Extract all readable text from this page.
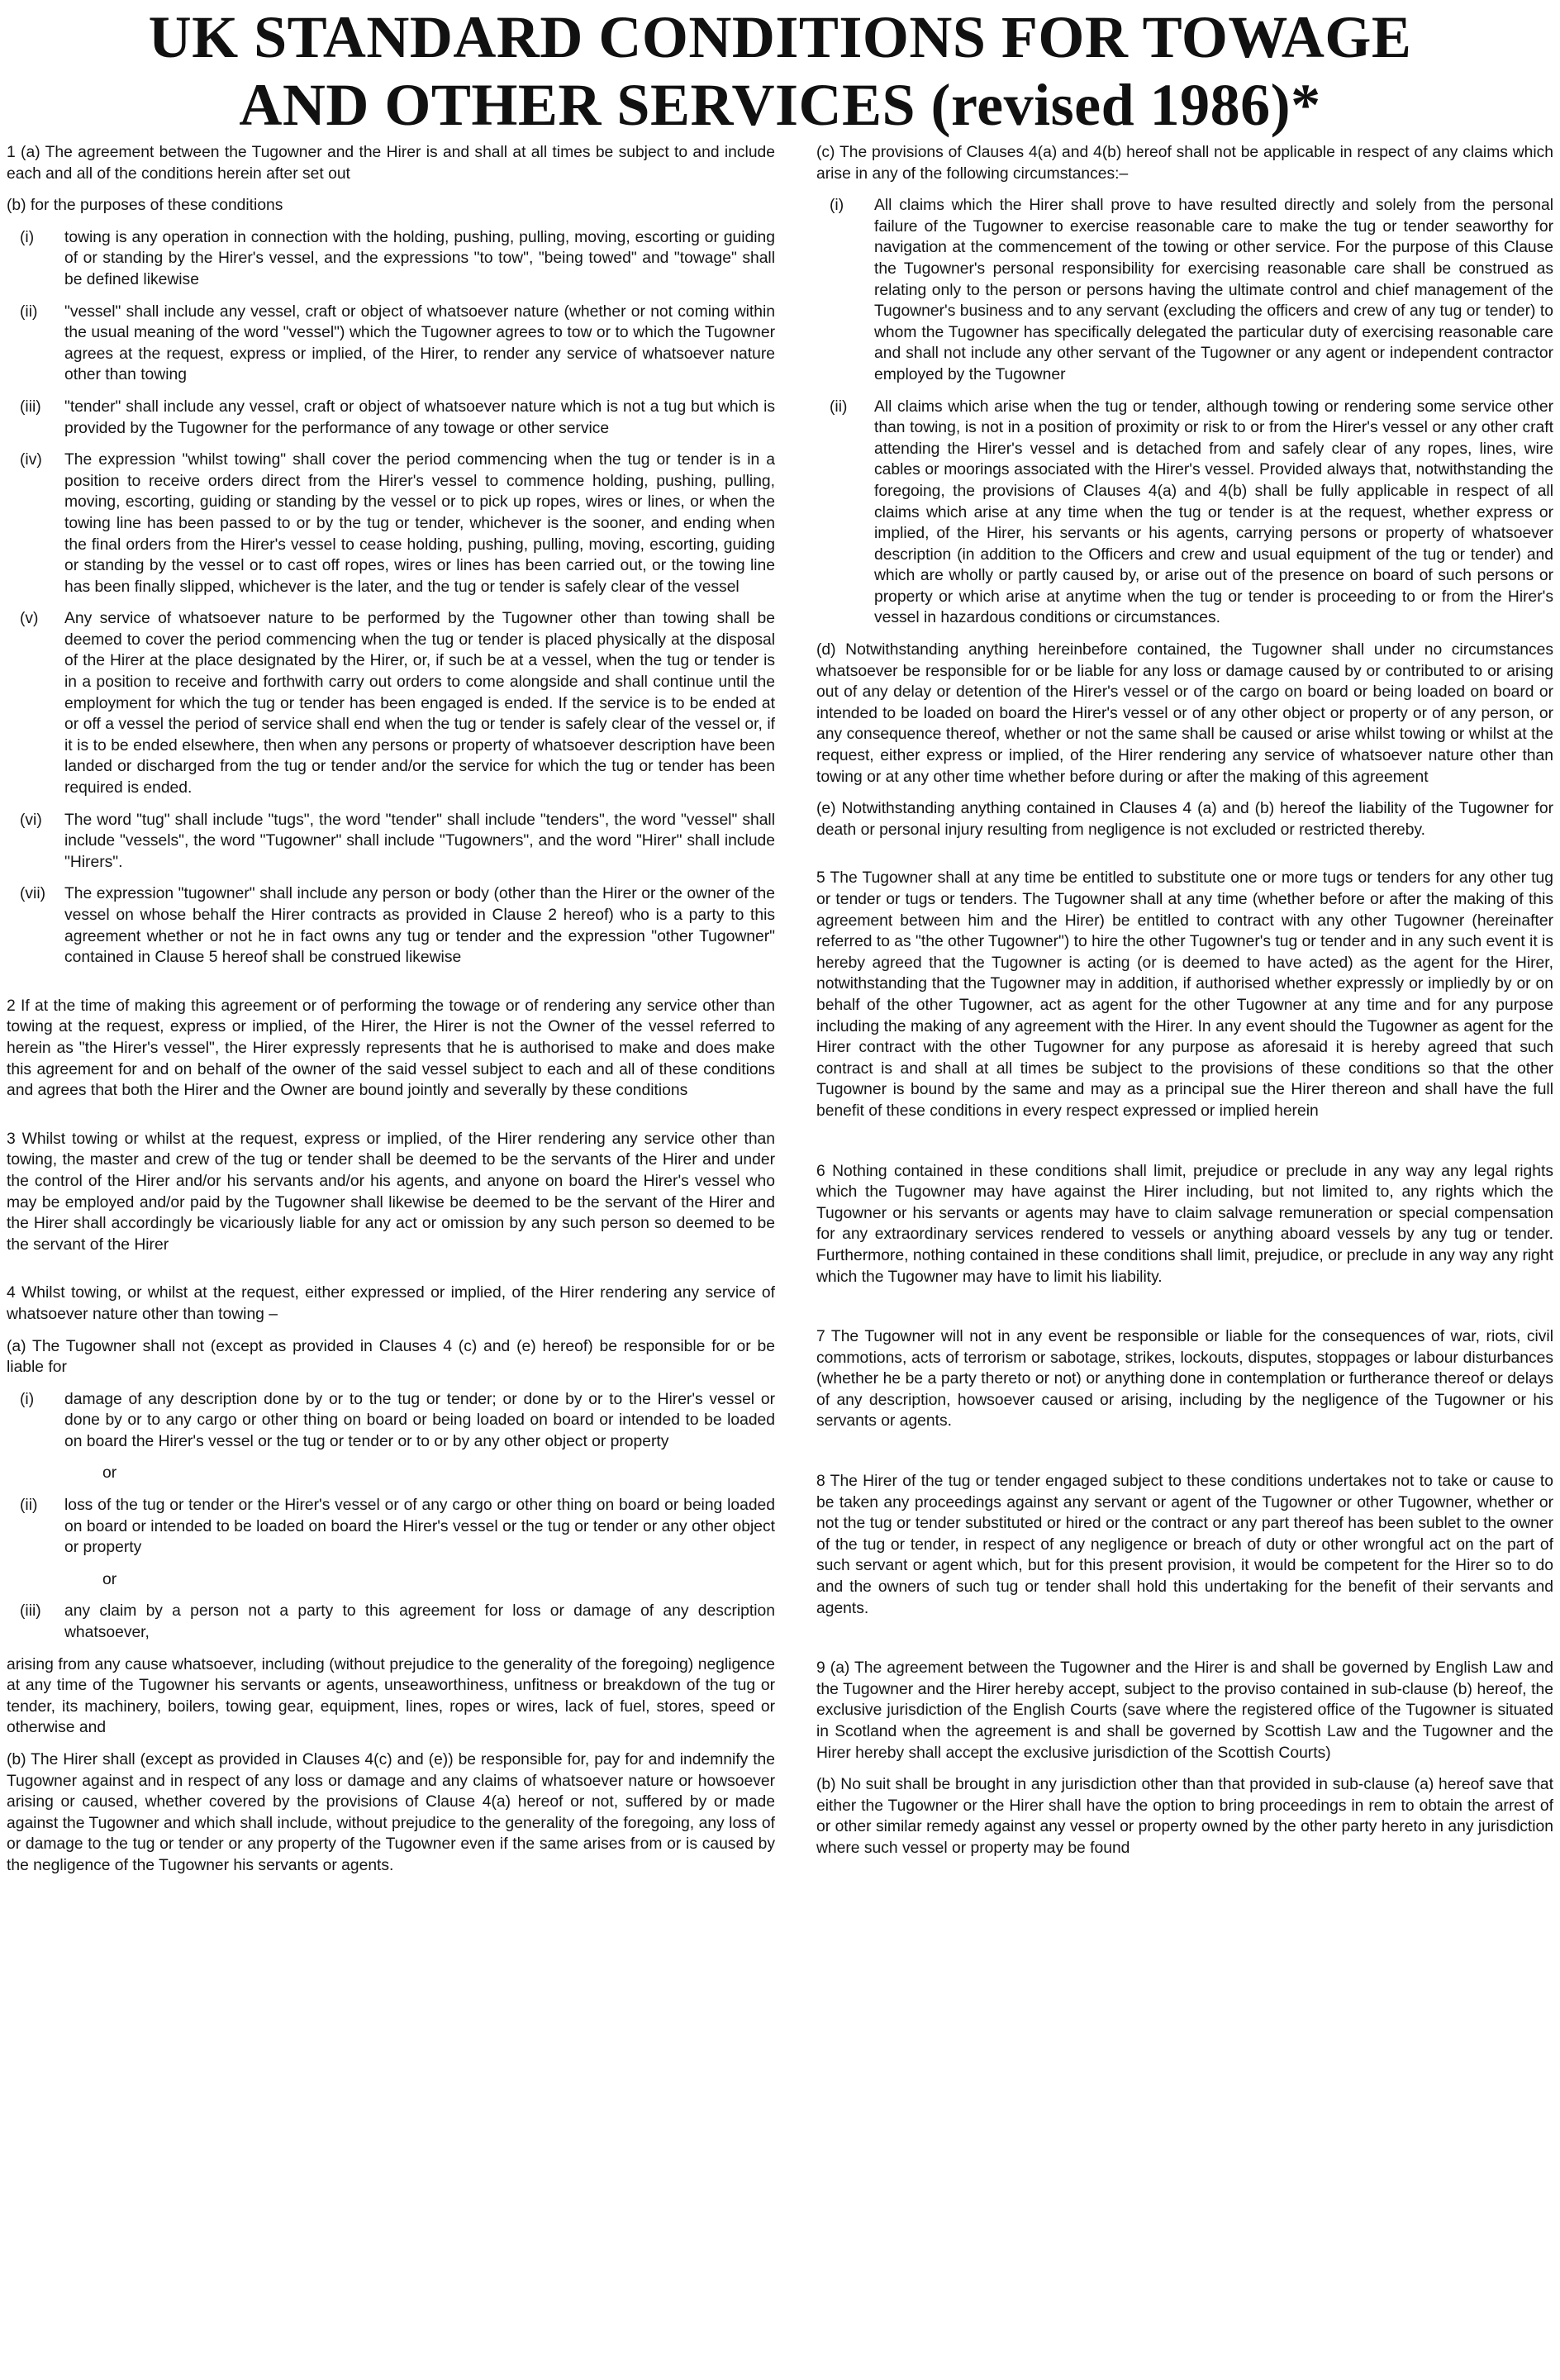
UK STANDARD CONDITIONS FOR TOWAGE
AND OTHER SERVICES (revised 1986)*

1 (a) The agreement between the Tugowner and the Hirer is and shall at all times be subject to and include each and all of the conditions herein after set out

(b) for the purposes of these conditions

(i) towing is any operation in connection with the holding, pushing, pulling, moving, escorting or guiding of or standing by the Hirer's vessel, and the expressions "to tow", "being towed" and "towage" shall be defined likewise
(ii) "vessel" shall include any vessel, craft or object of whatsoever nature (whether or not coming within the usual meaning of the word "vessel") which the Tugowner agrees to tow or to which the Tugowner agrees at the request, express or implied, of the Hirer, to render any service of whatsoever nature other than towing
(iii) "tender" shall include any vessel, craft or object of whatsoever nature which is not a tug but which is provided by the Tugowner for the performance of any towage or other service
(iv) The expression "whilst towing" shall cover the period commencing when the tug or tender is in a position to receive orders direct from the Hirer's vessel to commence holding, pushing, pulling, moving, escorting, guiding or standing by the vessel or to pick up ropes, wires or lines, or when the towing line has been passed to or by the tug or tender, whichever is the sooner, and ending when the final orders from the Hirer's vessel to cease holding, pushing, pulling, moving, escorting, guiding or standing by the vessel or to cast off ropes, wires or lines has been carried out, or the towing line has been finally slipped, whichever is the later, and the tug or tender is safely clear of the vessel
(v) Any service of whatsoever nature to be performed by the Tugowner other than towing shall be deemed to cover the period commencing when the tug or tender is placed physically at the disposal of the Hirer at the place designated by the Hirer, or, if such be at a vessel, when the tug or tender is in a position to receive and forthwith carry out orders to come alongside and shall continue until the employment for which the tug or tender has been engaged is ended. If the service is to be ended at or off a vessel the period of service shall end when the tug or tender is safely clear of the vessel or, if it is to be ended elsewhere, then when any persons or property of whatsoever description have been landed or discharged from the tug or tender and/or the service for which the tug or tender has been required is ended.
(vi) The word "tug" shall include "tugs", the word "tender" shall include "tenders", the word "vessel" shall include "vessels", the word "Tugowner" shall include "Tugowners", and the word "Hirer" shall include "Hirers".
(vii) The expression "tugowner" shall include any person or body (other than the Hirer or the owner of the vessel on whose behalf the Hirer contracts as provided in Clause 2 hereof) who is a party to this agreement whether or not he in fact owns any tug or tender and the expression "other Tugowner" contained in Clause 5 hereof shall be construed likewise

2 If at the time of making this agreement or of performing the towage or of rendering any service other than towing at the request, express or implied, of the Hirer, the Hirer is not the Owner of the vessel referred to herein as "the Hirer's vessel", the Hirer expressly represents that he is authorised to make and does make this agreement for and on behalf of the owner of the said vessel subject to each and all of these conditions and agrees that both the Hirer and the Owner are bound jointly and severally by these conditions

3 Whilst towing or whilst at the request, express or implied, of the Hirer rendering any service other than towing, the master and crew of the tug or tender shall be deemed to be the servants of the Hirer and under the control of the Hirer and/or his servants and/or his agents, and anyone on board the Hirer's vessel who may be employed and/or paid by the Tugowner shall likewise be deemed to be the servant of the Hirer and the Hirer shall accordingly be vicariously liable for any act or omission by any such person so deemed to be the servant of the Hirer

4 Whilst towing, or whilst at the request, either expressed or implied, of the Hirer rendering any service of whatsoever nature other than towing –

(a) The Tugowner shall not (except as provided in Clauses 4 (c) and (e) hereof) be responsible for or be liable for

(i) damage of any description done by or to the tug or tender; or done by or to the Hirer's vessel or done by or to any cargo or other thing on board or being loaded on board or intended to be loaded on board the Hirer's vessel or the tug or tender or to or by any other object or property
or
(ii) loss of the tug or tender or the Hirer's vessel or of any cargo or other thing on board or being loaded on board or intended to be loaded on board the Hirer's vessel or the tug or tender or any other object or property
or
(iii) any claim by a person not a party to this agreement for loss or damage of any description whatsoever,

arising from any cause whatsoever, including (without prejudice to the generality of the foregoing) negligence at any time of the Tugowner his servants or agents, unseaworthiness, unfitness or breakdown of the tug or tender, its machinery, boilers, towing gear, equipment, lines, ropes or wires, lack of fuel, stores, speed or otherwise and

(b) The Hirer shall (except as provided in Clauses 4(c) and (e)) be responsible for, pay for and indemnify the Tugowner against and in respect of any loss or damage and any claims of whatsoever nature or howsoever arising or caused, whether covered by the provisions of Clause 4(a) hereof or not, suffered by or made against the Tugowner and which shall include, without prejudice to the generality of the foregoing, any loss of or damage to the tug or tender or any property of the Tugowner even if the same arises from or is caused by the negligence of the Tugowner his servants or agents.

(c) The provisions of Clauses 4(a) and 4(b) hereof shall not be applicable in respect of any claims which arise in any of the following circumstances:–

(i) All claims which the Hirer shall prove to have resulted directly and solely from the personal failure of the Tugowner to exercise reasonable care to make the tug or tender seaworthy for navigation at the commencement of the towing or other service. For the purpose of this Clause the Tugowner's personal responsibility for exercising reasonable care shall be construed as relating only to the person or persons having the ultimate control and chief management of the Tugowner's business and to any servant (excluding the officers and crew of any tug or tender) to whom the Tugowner has specifically delegated the particular duty of exercising reasonable care and shall not include any other servant of the Tugowner or any agent or independent contractor employed by the Tugowner
(ii) All claims which arise when the tug or tender, although towing or rendering some service other than towing, is not in a position of proximity or risk to or from the Hirer's vessel or any other craft attending the Hirer's vessel and is detached from and safely clear of any ropes, lines, wire cables or moorings associated with the Hirer's vessel. Provided always that, notwithstanding the foregoing, the provisions of Clauses 4(a) and 4(b) shall be fully applicable in respect of all claims which arise at any time when the tug or tender is at the request, whether express or implied, of the Hirer, his servants or his agents, carrying persons or property of whatsoever description (in addition to the Officers and crew and usual equipment of the tug or tender) and which are wholly or partly caused by, or arise out of the presence on board of such persons or property or which arise at anytime when the tug or tender is proceeding to or from the Hirer's vessel in hazardous conditions or circumstances.

(d) Notwithstanding anything hereinbefore contained, the Tugowner shall under no circumstances whatsoever be responsible for or be liable for any loss or damage caused by or contributed to or arising out of any delay or detention of the Hirer's vessel or of the cargo on board or being loaded on board or intended to be loaded on board the Hirer's vessel or of any other object or property or of any person, or any consequence thereof, whether or not the same shall be caused or arise whilst towing or whilst at the request, either express or implied, of the Hirer rendering any service of whatsoever nature other than towing or at any other time whether before during or after the making of this agreement

(e) Notwithstanding anything contained in Clauses 4 (a) and (b) hereof the liability of the Tugowner for death or personal injury resulting from negligence is not excluded or restricted thereby.

5 The Tugowner shall at any time be entitled to substitute one or more tugs or tenders for any other tug or tender or tugs or tenders. The Tugowner shall at any time (whether before or after the making of this agreement between him and the Hirer) be entitled to contract with any other Tugowner (hereinafter referred to as "the other Tugowner") to hire the other Tugowner's tug or tender and in any such event it is hereby agreed that the Tugowner is acting (or is deemed to have acted) as the agent for the Hirer, notwithstanding that the Tugowner may in addition, if authorised whether expressly or impliedly by or on behalf of the other Tugowner, act as agent for the other Tugowner at any time and for any purpose including the making of any agreement with the Hirer. In any event should the Tugowner as agent for the Hirer contract with the other Tugowner for any purpose as aforesaid it is hereby agreed that such contract is and shall at all times be subject to the provisions of these conditions so that the other Tugowner is bound by the same and may as a principal sue the Hirer thereon and shall have the full benefit of these conditions in every respect expressed or implied herein

6 Nothing contained in these conditions shall limit, prejudice or preclude in any way any legal rights which the Tugowner may have against the Hirer including, but not limited to, any rights which the Tugowner or his servants or agents may have to claim salvage remuneration or special compensation for any extraordinary services rendered to vessels or anything aboard vessels by any tug or tender. Furthermore, nothing contained in these conditions shall limit, prejudice, or preclude in any way any right which the Tugowner may have to limit his liability.

7 The Tugowner will not in any event be responsible or liable for the consequences of war, riots, civil commotions, acts of terrorism or sabotage, strikes, lockouts, disputes, stoppages or labour disturbances (whether he be a party thereto or not) or anything done in contemplation or furtherance thereof or delays of any description, howsoever caused or arising, including by the negligence of the Tugowner or his servants or agents.

8 The Hirer of the tug or tender engaged subject to these conditions undertakes not to take or cause to be taken any proceedings against any servant or agent of the Tugowner or other Tugowner, whether or not the tug or tender substituted or hired or the contract or any part thereof has been sublet to the owner of the tug or tender, in respect of any negligence or breach of duty or other wrongful act on the part of such servant or agent which, but for this present provision, it would be competent for the Hirer so to do and the owners of such tug or tender shall hold this undertaking for the benefit of their servants and agents.

9 (a) The agreement between the Tugowner and the Hirer is and shall be governed by English Law and the Tugowner and the Hirer hereby accept, subject to the proviso contained in sub-clause (b) hereof, the exclusive jurisdiction of the English Courts (save where the registered office of the Tugowner is situated in Scotland when the agreement is and shall be governed by Scottish Law and the Tugowner and the Hirer hereby shall accept the exclusive jurisdiction of the Scottish Courts)

(b) No suit shall be brought in any jurisdiction other than that provided in sub-clause (a) hereof save that either the Tugowner or the Hirer shall have the option to bring proceedings in rem to obtain the arrest of or other similar remedy against any vessel or property owned by the other party hereto in any jurisdiction where such vessel or property may be found
